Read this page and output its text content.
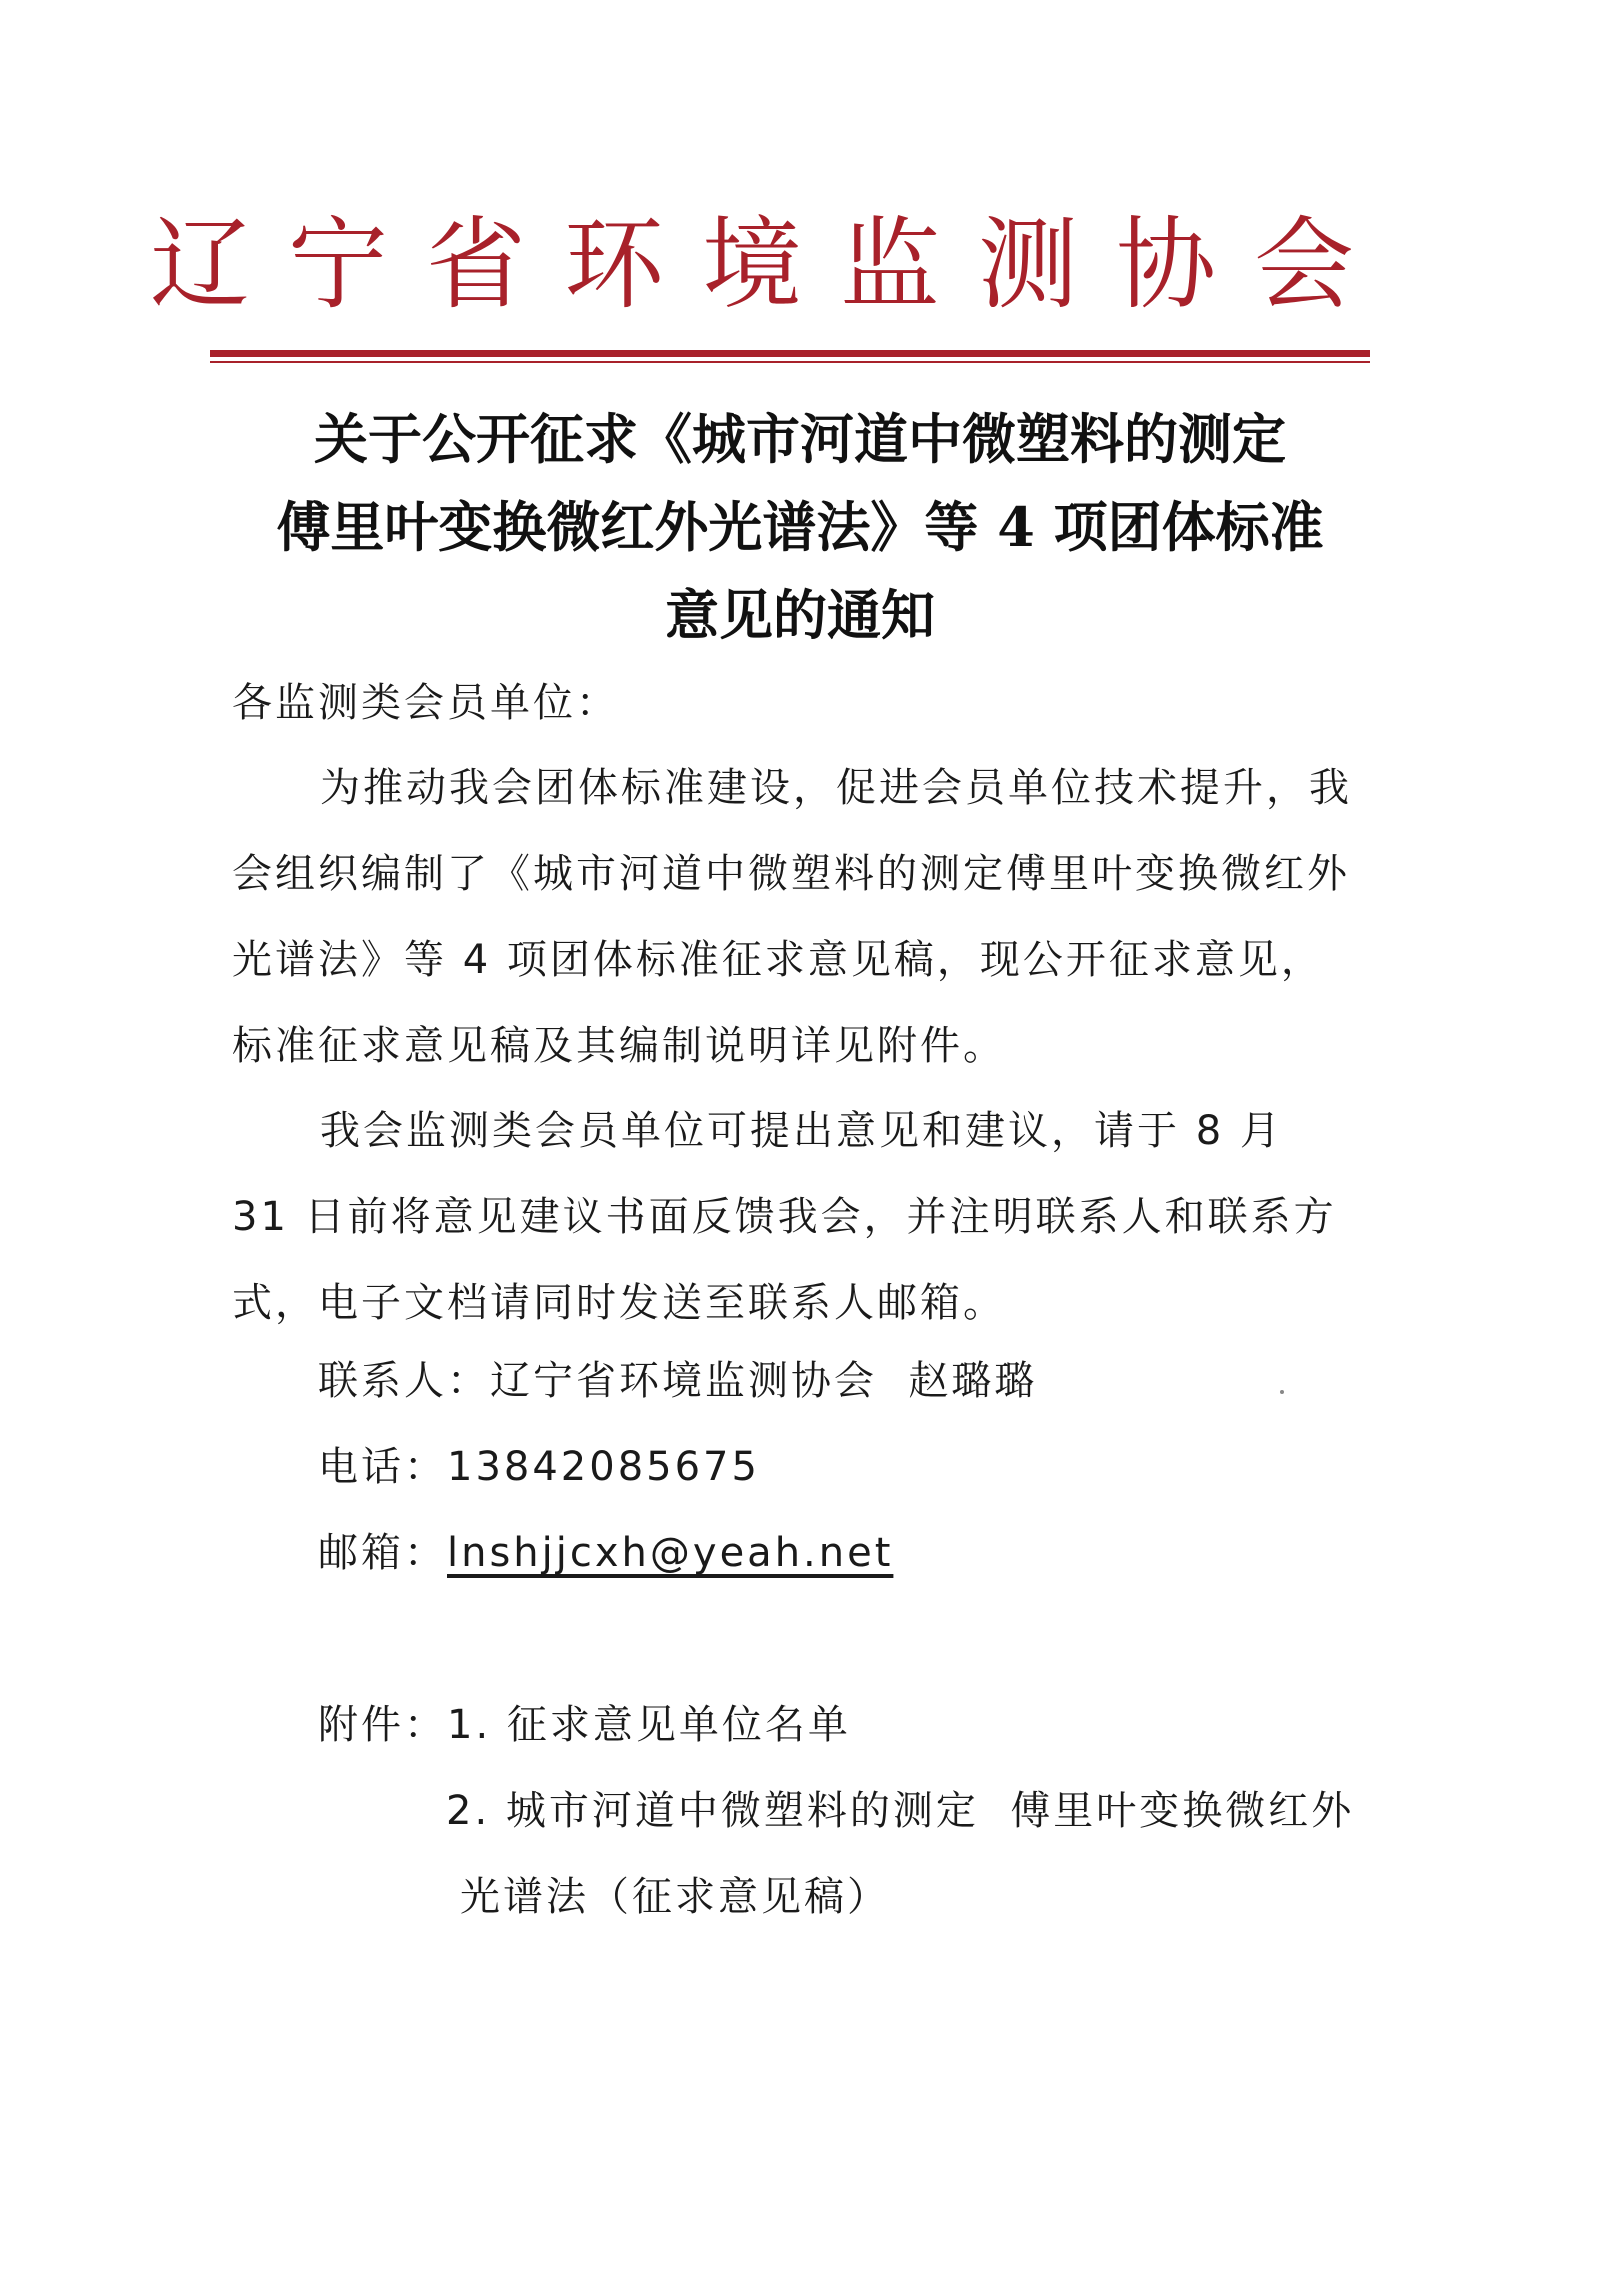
辽宁省环境监测协会
关于公开征求《城市河道中微塑料的测定
傅里叶变换微红外光谱法》等 4 项团体标准
意见的通知
各监测类会员单位：
为推动我会团体标准建设，促进会员单位技术提升，我会组织编制了《城市河道中微塑料的测定傅里叶变换微红外光谱法》等 4 项团体标准征求意见稿，现公开征求意见，标准征求意见稿及其编制说明详见附件。
我会监测类会员单位可提出意见和建议，请于 8 月 31 日前将意见建议书面反馈我会，并注明联系人和联系方式，电子文档请同时发送至联系人邮箱。
联系人：辽宁省环境监测协会  赵璐璐
电话：13842085675
邮箱：lnshjjcxh@yeah.net
附件：1. 征求意见单位名单
2. 城市河道中微塑料的测定  傅里叶变换微红外
光谱法（征求意见稿）
